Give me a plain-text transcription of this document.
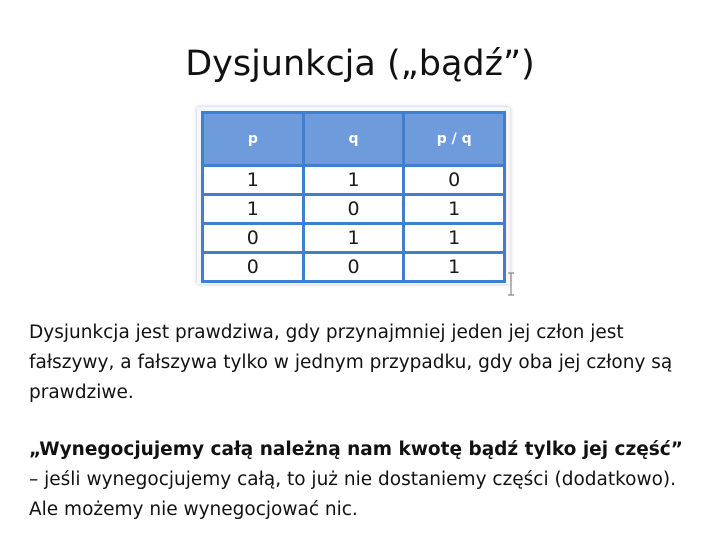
Dysjunkcja („bądź”)
p	q	p / q
1	1	0
1	0	1
0	1	1
0	0	1
Dysjunkcja jest prawdziwa, gdy przynajmniej jeden jej człon jest fałszywy, a fałszywa tylko w jednym przypadku, gdy oba jej człony są prawdziwe.
„Wynegocjujemy całą należną nam kwotę bądź tylko jej część” – jeśli wynegocjujemy całą, to już nie dostaniemy części (dodatkowo). Ale możemy nie wynegocjować nic.
